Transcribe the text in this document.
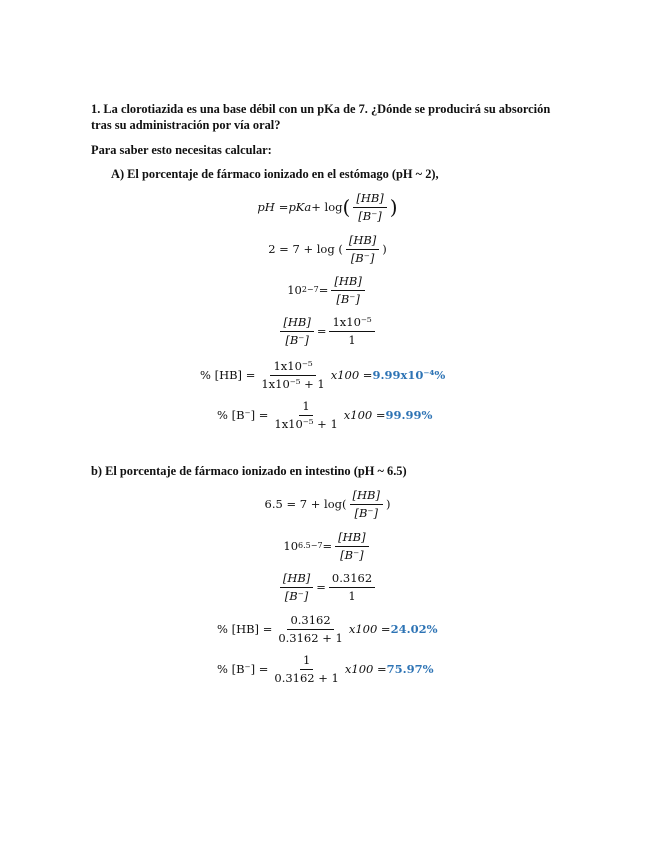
1. La clorotiazida es una base débil con un pKa de 7. ¿Dónde se producirá su absorción
tras su administración por vía oral?
Para saber esto necesitas calcular:
A) El porcentaje de fármaco ionizado en el estómago (pH ~ 2),
pH = pKa + log ( $\frac{[HB]}{[B^-]}$ )
2 = 7 + log ( $\frac{[HB]}{[B^-]}$ )
10 $2-7 = \frac{[HB]}{[B^-]}$
$\frac{[HB]}{[B^-]} = \frac{\text{1x10⁻⁵}}{1}$
% $[HB] = \frac{\text{1x10⁻⁵}}{\text{1x10⁻⁵ + 1}} x100 = 9.99x10^{-4}\%$
% $[B^-] = \frac{1}{\text{1x10⁻⁵ + 1}} x100 = 99.99\%$
b) El porcentaje de fármaco ionizado en intestino (pH ~ 6.5)
$6.5 = 7 + \log( \frac{[HB]}{[B^-]}$ )
10 $6.5-7 = \frac{[HB]}{[B^-]}$
$\frac{[HB]}{[B^-]} = \frac{0.3162}{1}$
% $[HB] = \frac{0.3162}{0.3162 + 1} x100 = 24.02\%$
% $[B^-] = \frac{1}{0.3162 + 1} x100 = 75.97\%$
